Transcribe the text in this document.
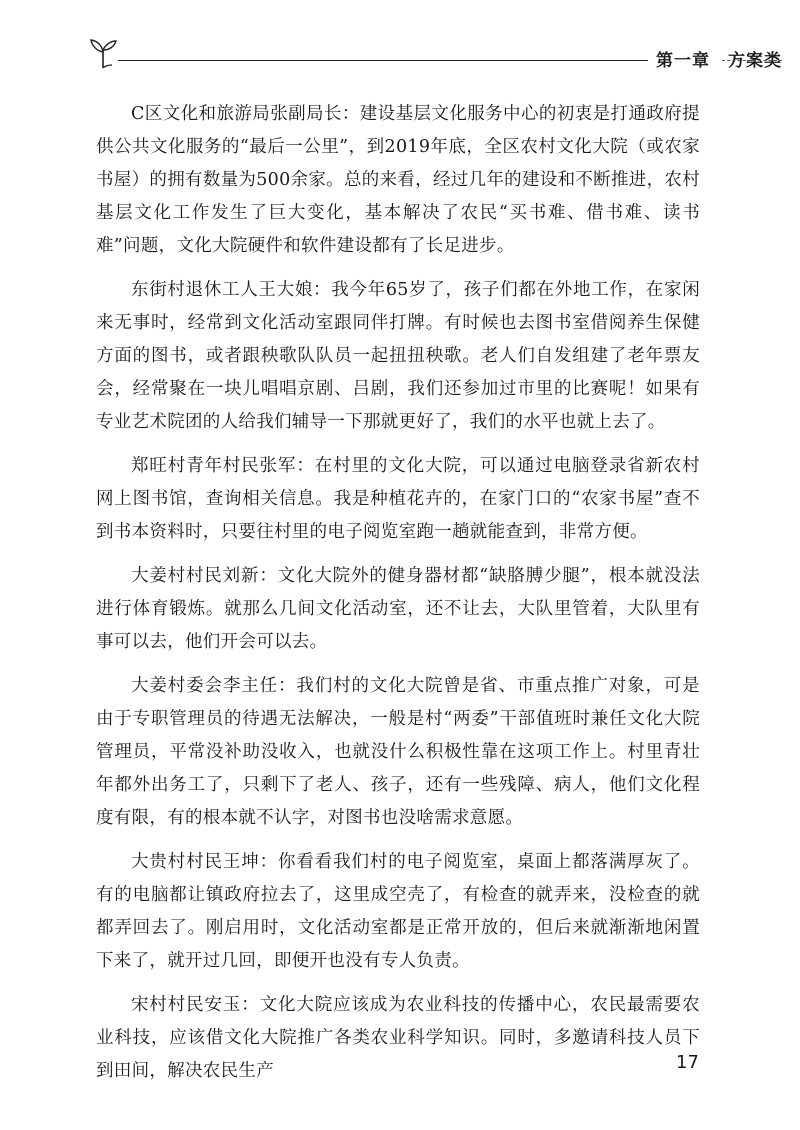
第一章　方案类

C区文化和旅游局张副局长：建设基层文化服务中心的初衷是打通政府提供公共文化服务的“最后一公里”，到2019年底，全区农村文化大院（或农家书屋）的拥有数量为500余家。总的来看，经过几年的建设和不断推进，农村基层文化工作发生了巨大变化，基本解决了农民“买书难、借书难、读书难”问题，文化大院硬件和软件建设都有了长足进步。

东街村退休工人王大娘：我今年65岁了，孩子们都在外地工作，在家闲来无事时，经常到文化活动室跟同伴打牌。有时候也去图书室借阅养生保健方面的图书，或者跟秧歌队队员一起扭扭秧歌。老人们自发组建了老年票友会，经常聚在一块儿唱唱京剧、吕剧，我们还参加过市里的比赛呢！如果有专业艺术院团的人给我们辅导一下那就更好了，我们的水平也就上去了。

郑旺村青年村民张军：在村里的文化大院，可以通过电脑登录省新农村网上图书馆，查询相关信息。我是种植花卉的，在家门口的“农家书屋”查不到书本资料时，只要往村里的电子阅览室跑一趟就能查到，非常方便。

大姜村村民刘新：文化大院外的健身器材都“缺胳膊少腿”，根本就没法进行体育锻炼。就那么几间文化活动室，还不让去，大队里管着，大队里有事可以去，他们开会可以去。

大姜村委会李主任：我们村的文化大院曾是省、市重点推广对象，可是由于专职管理员的待遇无法解决，一般是村“两委”干部值班时兼任文化大院管理员，平常没补助没收入，也就没什么积极性靠在这项工作上。村里青壮年都外出务工了，只剩下了老人、孩子，还有一些残障、病人，他们文化程度有限，有的根本就不认字，对图书也没啥需求意愿。

大贵村村民王坤：你看看我们村的电子阅览室，桌面上都落满厚灰了。有的电脑都让镇政府拉去了，这里成空壳了，有检查的就弄来，没检查的就都弄回去了。刚启用时，文化活动室都是正常开放的，但后来就渐渐地闲置下来了，就开过几回，即便开也没有专人负责。

宋村村民安玉：文化大院应该成为农业科技的传播中心，农民最需要农业科技，应该借文化大院推广各类农业科学知识。同时，多邀请科技人员下到田间，解决农民生产	17
